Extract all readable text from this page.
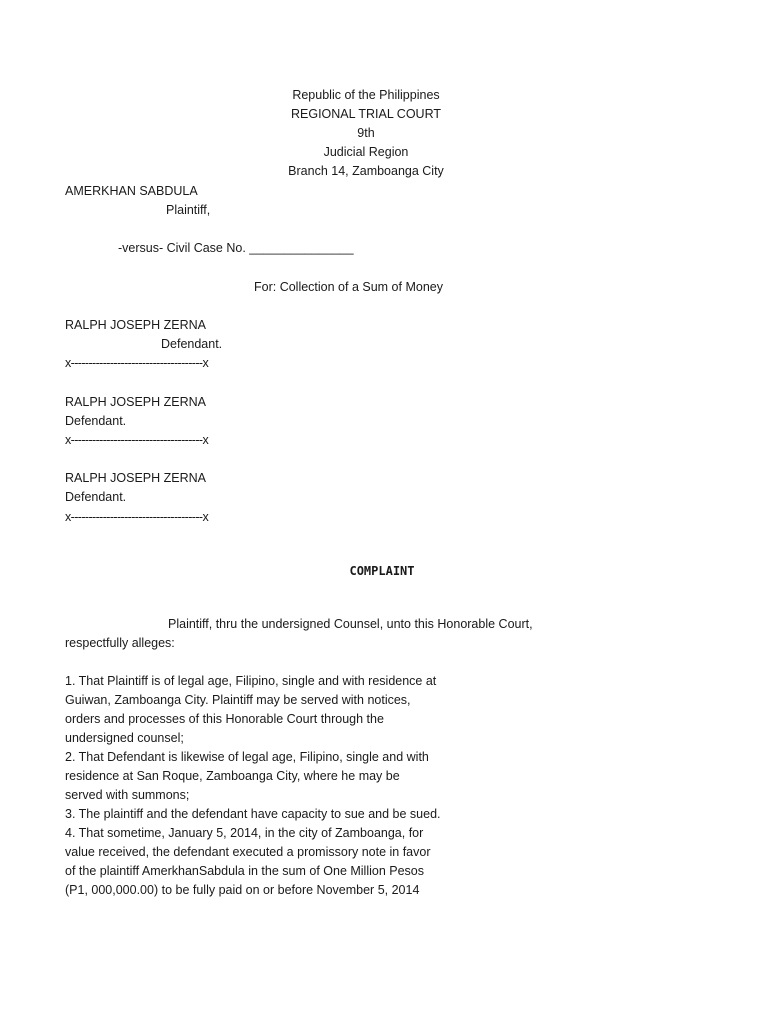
Republic of the Philippines
REGIONAL TRIAL COURT
9th
Judicial Region
Branch 14, Zamboanga City
AMERKHAN SABDULA
Plaintiff,
-versus- Civil Case No. _______________
For: Collection of a Sum of Money
RALPH JOSEPH ZERNA
Defendant.
x-------------------------------------x
RALPH JOSEPH ZERNA
Defendant.
x-------------------------------------x
RALPH JOSEPH ZERNA
Defendant.
x-------------------------------------x
COMPLAINT
Plaintiff, thru the undersigned Counsel, unto this Honorable Court,
respectfully alleges:
1. That Plaintiff is of legal age, Filipino, single and with residence at
Guiwan, Zamboanga City. Plaintiff may be served with notices,
orders and processes of this Honorable Court through the
undersigned counsel;
2. That Defendant is likewise of legal age, Filipino, single and with
residence at San Roque, Zamboanga City, where he may be
served with summons;
3. The plaintiff and the defendant have capacity to sue and be sued.
4. That sometime, January 5, 2014, in the city of Zamboanga, for
value received, the defendant executed a promissory note in favor
of the plaintiff AmerkhanSabdula in the sum of One Million Pesos
(P1, 000,000.00) to be fully paid on or before November 5, 2014
